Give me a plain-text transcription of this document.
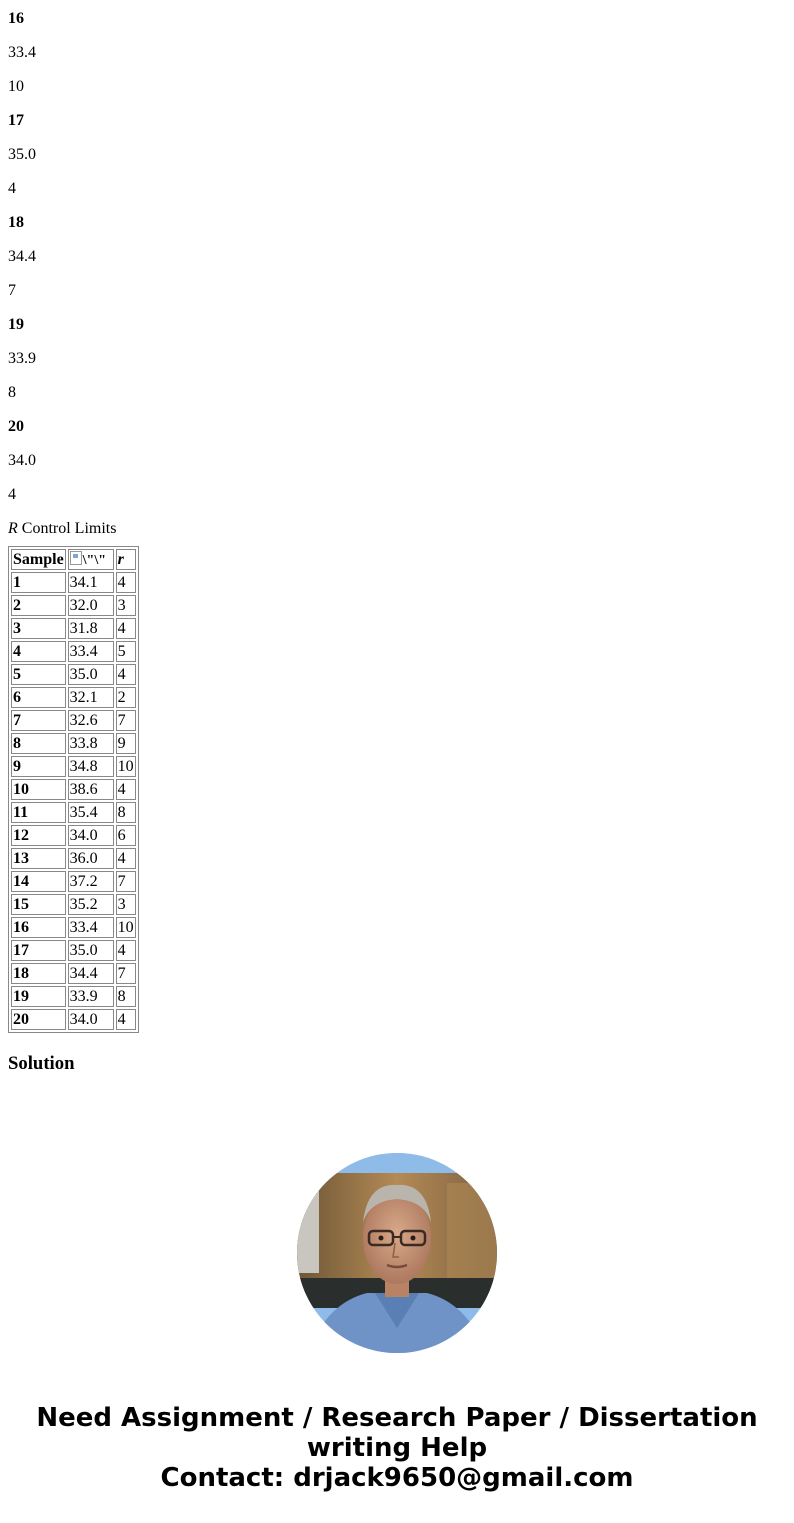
16
33.4
10
17
35.0
4
18
34.4
7
19
33.9
8
20
34.0
4
R Control Limits
Sample	\"\"	r
1	34.1	4
2	32.0	3
3	31.8	4
4	33.4	5
5	35.0	4
6	32.1	2
7	32.6	7
8	33.8	9
9	34.8	10
10	38.6	4
11	35.4	8
12	34.0	6
13	36.0	4
14	37.2	7
15	35.2	3
16	33.4	10
17	35.0	4
18	34.4	7
19	33.9	8
20	34.0	4
Solution
Need Assignment / Research Paper / Dissertation
writing Help
Contact: drjack9650@gmail.com
